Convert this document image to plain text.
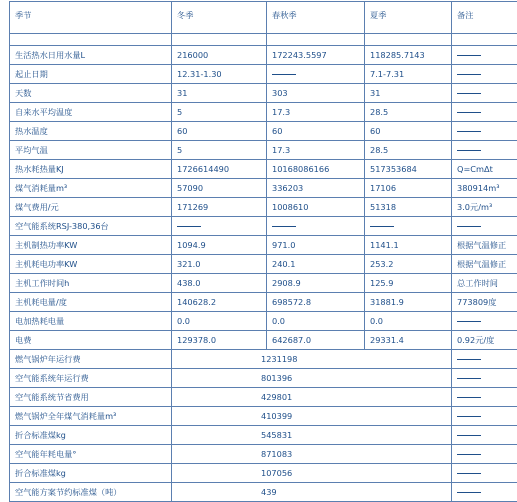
季节	冬季	春秋季	夏季	备注

生活热水日用水量L	216000	172243.5597	118285.7143	
起止日期	12.31-1.30		7.1-7.31	
天数	31	303	31	
自来水平均温度	5	17.3	28.5	
热水温度	60	60	60	
平均气温	5	17.3	28.5	
热水耗热量KJ	1726614490	10168086166	517353684	Q=CmΔt
煤气消耗量m³	57090	336203	17106	380914m³
煤气费用/元	171269	1008610	51318	3.0元/m³
空气能系统RSJ-380,36台				
主机制热功率KW	1094.9	971.0	1141.1	根据气温修正
主机耗电功率KW	321.0	240.1	253.2	根据气温修正
主机工作时间h	438.0	2908.9	125.9	总工作时间
主机耗电量/度	140628.2	698572.8	31881.9	773809度
电加热耗电量	0.0	0.0	0.0	
电费	129378.0	642687.0	29331.4	0.92元/度
燃气锅炉年运行费	1231198			
空气能系统年运行费	801396			
空气能系统节省费用	429801			
燃气锅炉全年煤气消耗量m³	410399			
折合标准煤kg	545831			
空气能年耗电量°	871083			
折合标准煤kg	107056			
空气能方案节约标准煤（吨）	439			
